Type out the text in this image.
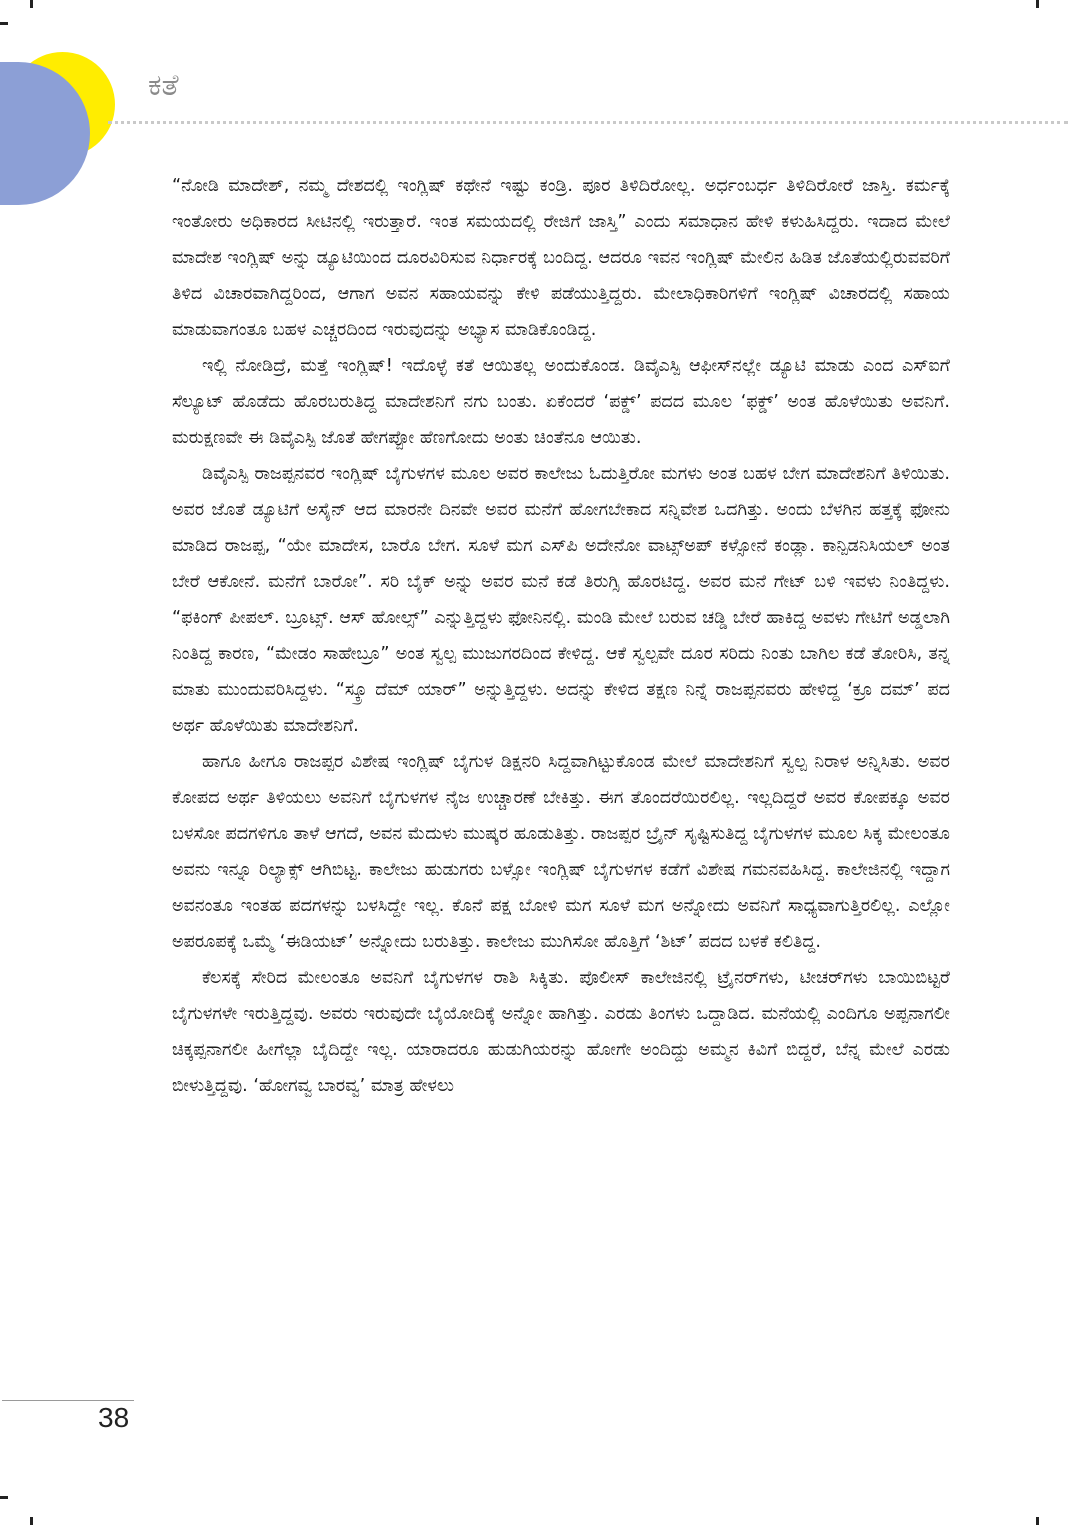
ಕತೆ

“ನೋಡಿ ಮಾದೇಶ್, ನಮ್ಮ ದೇಶದಲ್ಲಿ ಇಂಗ್ಲಿಷ್ ಕಥೇನೆ ಇಷ್ಟು ಕಂಡ್ರಿ. ಪೂರ ತಿಳಿದಿರೋಲ್ಲ. ಅರ್ಧಂಬರ್ಧ ತಿಳಿದಿರೋರೆ ಜಾಸ್ತಿ. ಕರ್ಮಕ್ಕೆ ಇಂತೋರು ಅಧಿಕಾರದ ಸೀಟಿನಲ್ಲಿ ಇರುತ್ತಾರೆ. ಇಂತ ಸಮಯದಲ್ಲಿ ರೇಜಿಗೆ ಜಾಸ್ತಿ” ಎಂದು ಸಮಾಧಾನ ಹೇಳಿ ಕಳುಹಿಸಿದ್ದರು. ಇದಾದ ಮೇಲೆ ಮಾದೇಶ ಇಂಗ್ಲಿಷ್ ಅನ್ನು ಡ್ಯೂಟಿಯಿಂದ ದೂರವಿರಿಸುವ ನಿರ್ಧಾರಕ್ಕೆ ಬಂದಿದ್ದ. ಆದರೂ ಇವನ ಇಂಗ್ಲಿಷ್ ಮೇಲಿನ ಹಿಡಿತ ಜೊತೆಯಲ್ಲಿರುವವರಿಗೆ ತಿಳಿದ ವಿಚಾರವಾಗಿದ್ದರಿಂದ, ಆಗಾಗ ಅವನ ಸಹಾಯವನ್ನು ಕೇಳಿ ಪಡೆಯುತ್ತಿದ್ದರು. ಮೇಲಾಧಿಕಾರಿಗಳಿಗೆ ಇಂಗ್ಲಿಷ್ ವಿಚಾರದಲ್ಲಿ ಸಹಾಯ ಮಾಡುವಾಗಂತೂ ಬಹಳ ಎಚ್ಚರದಿಂದ ಇರುವುದನ್ನು ಅಭ್ಯಾಸ ಮಾಡಿಕೊಂಡಿದ್ದ.

ಇಲ್ಲಿ ನೋಡಿದ್ರೆ, ಮತ್ತೆ ಇಂಗ್ಲಿಷ್! ಇದೊಳ್ಳೆ ಕತೆ ಆಯಿತಲ್ಲ ಅಂದುಕೊಂಡ. ಡಿವೈಎಸ್ಪಿ ಆಫೀಸ್‌ನಲ್ಲೇ ಡ್ಯೂಟಿ ಮಾಡು ಎಂದ ಎಸ್‌ಐಗೆ ಸೆಲ್ಯೂಟ್ ಹೊಡೆದು ಹೊರಬರುತಿದ್ದ ಮಾದೇಶನಿಗೆ ನಗು ಬಂತು. ಏಕೆಂದರೆ ‘ಪಕ್ಡ್’ ಪದದ ಮೂಲ ‘ಫಕ್ಡ್’ ಅಂತ ಹೊಳೆಯಿತು ಅವನಿಗೆ. ಮರುಕ್ಷಣವೇ ಈ ಡಿವೈಎಸ್ಪಿ ಜೊತೆ ಹೇಗಪ್ಪೋ ಹೆಣಗೋದು ಅಂತು ಚಿಂತೆನೂ ಆಯಿತು.

ಡಿವೈಎಸ್ಪಿ ರಾಜಪ್ಪನವರ ಇಂಗ್ಲಿಷ್ ಬೈಗುಳಗಳ ಮೂಲ ಅವರ ಕಾಲೇಜು ಓದುತ್ತಿರೋ ಮಗಳು ಅಂತ ಬಹಳ ಬೇಗ ಮಾದೇಶನಿಗೆ ತಿಳಿಯಿತು. ಅವರ ಜೊತೆ ಡ್ಯೂಟಿಗೆ ಅಸೈನ್ ಆದ ಮಾರನೇ ದಿನವೇ ಅವರ ಮನೆಗೆ ಹೋಗಬೇಕಾದ ಸನ್ನಿವೇಶ ಒದಗಿತ್ತು. ಅಂದು ಬೆಳಗಿನ ಹತ್ತಕ್ಕೆ ಫೋನು ಮಾಡಿದ ರಾಜಪ್ಪ, “ಯೇ ಮಾದೇಸ, ಬಾರೊ ಬೇಗ. ಸೂಳೆ ಮಗ ಎಸ್‌ಪಿ ಅದೇನೋ ವಾಟ್ಸ್‌ಅಪ್ ಕಳ್ಸೋನೆ ಕಂಡ್ಲಾ. ಕಾನ್ಪಿಡನಿಸಿಯಲ್ ಅಂತ ಬೇರೆ ಆಕೋನೆ. ಮನೆಗೆ ಬಾರೋ”. ಸರಿ ಬೈಕ್ ಅನ್ನು ಅವರ ಮನೆ ಕಡೆ ತಿರುಗ್ಸಿ ಹೊರಟಿದ್ದ. ಅವರ ಮನೆ ಗೇಟ್ ಬಳಿ ಇವಳು ನಿಂತಿದ್ದಳು. “ಫಕಿಂಗ್ ಪೀಪಲ್. ಬ್ರೂಟ್ಸ್. ಆಸ್ ಹೋಲ್ಸ್” ಎನ್ನುತ್ತಿದ್ದಳು ಫೋನಿನಲ್ಲಿ. ಮಂಡಿ ಮೇಲೆ ಬರುವ ಚಡ್ಡಿ ಬೇರೆ ಹಾಕಿದ್ದ ಅವಳು ಗೇಟಿಗೆ ಅಡ್ಡಲಾಗಿ ನಿಂತಿದ್ದ ಕಾರಣ, “ಮೇಡಂ ಸಾಹೇಬ್ರೂ” ಅಂತ ಸ್ವಲ್ಪ ಮುಜುಗರದಿಂದ ಕೇಳಿದ್ದ. ಆಕೆ ಸ್ವಲ್ಪವೇ ದೂರ ಸರಿದು ನಿಂತು ಬಾಗಿಲ ಕಡೆ ತೋರಿಸಿ, ತನ್ನ ಮಾತು ಮುಂದುವರಿಸಿದ್ದಳು. “ಸ್ಕ್ರೂ ದೆಮ್ ಯಾರ್” ಅನ್ನುತ್ತಿದ್ದಳು. ಅದನ್ನು ಕೇಳಿದ ತಕ್ಷಣ ನಿನ್ನೆ ರಾಜಪ್ಪನವರು ಹೇಳಿದ್ದ ‘ಕ್ರೂ ದಮ್’ ಪದ ಅರ್ಥ ಹೊಳೆಯಿತು ಮಾದೇಶನಿಗೆ.

ಹಾಗೂ ಹೀಗೂ ರಾಜಪ್ಪರ ವಿಶೇಷ ಇಂಗ್ಲಿಷ್ ಬೈಗುಳ ಡಿಕ್ಷನರಿ ಸಿದ್ದವಾಗಿಟ್ಟುಕೊಂಡ ಮೇಲೆ ಮಾದೇಶನಿಗೆ ಸ್ವಲ್ಪ ನಿರಾಳ ಅನ್ನಿಸಿತು. ಅವರ ಕೋಪದ ಅರ್ಥ ತಿಳಿಯಲು ಅವನಿಗೆ ಬೈಗುಳಗಳ ನೈಜ ಉಚ್ಚಾರಣೆ ಬೇಕಿತ್ತು. ಈಗ ತೊಂದರೆಯಿರಲಿಲ್ಲ. ಇಲ್ಲದಿದ್ದರೆ ಅವರ ಕೋಪಕ್ಕೂ ಅವರ ಬಳಸೋ ಪದಗಳಿಗೂ ತಾಳೆ ಆಗದೆ, ಅವನ ಮೆದುಳು ಮುಷ್ಕರ ಹೂಡುತಿತ್ತು. ರಾಜಪ್ಪರ ಬ್ರೈನ್ ಸೃಷ್ಟಿಸುತಿದ್ದ ಬೈಗುಳಗಳ ಮೂಲ ಸಿಕ್ಕ ಮೇಲಂತೂ ಅವನು ಇನ್ನೂ ರಿಲ್ಯಾಕ್ಸ್ ಆಗಿಬಿಟ್ಟ. ಕಾಲೇಜು ಹುಡುಗರು ಬಳ್ಸೋ ಇಂಗ್ಲಿಷ್ ಬೈಗುಳಗಳ ಕಡೆಗೆ ವಿಶೇಷ ಗಮನವಹಿಸಿದ್ದ. ಕಾಲೇಜಿನಲ್ಲಿ ಇದ್ದಾಗ ಅವನಂತೂ ಇಂತಹ ಪದಗಳನ್ನು ಬಳಸಿದ್ದೇ ಇಲ್ಲ. ಕೊನೆ ಪಕ್ಷ ಬೋಳಿ ಮಗ ಸೂಳೆ ಮಗ ಅನ್ನೋದು ಅವನಿಗೆ ಸಾಧ್ಯವಾಗುತ್ತಿರಲಿಲ್ಲ. ಎಲ್ಲೋ ಅಪರೂಪಕ್ಕೆ ಒಮ್ಮೆ ‘ಈಡಿಯಟ್’ ಅನ್ನೋದು ಬರುತಿತ್ತು. ಕಾಲೇಜು ಮುಗಿಸೋ ಹೊತ್ತಿಗೆ ‘ಶಿಟ್’ ಪದದ ಬಳಕೆ ಕಲಿತಿದ್ದ.

ಕೆಲಸಕ್ಕೆ ಸೇರಿದ ಮೇಲಂತೂ ಅವನಿಗೆ ಬೈಗುಳಗಳ ರಾಶಿ ಸಿಕ್ಕಿತು. ಪೊಲೀಸ್ ಕಾಲೇಜಿನಲ್ಲಿ ಟ್ರೈನರ್‌ಗಳು, ಟೀಚರ್‌ಗಳು ಬಾಯಿಬಿಟ್ಟರೆ ಬೈಗುಳಗಳೇ ಇರುತ್ತಿದ್ದವು. ಅವರು ಇರುವುದೇ ಬೈಯೋದಿಕ್ಕೆ ಅನ್ನೋ ಹಾಗಿತ್ತು. ಎರಡು ತಿಂಗಳು ಒದ್ದಾಡಿದ. ಮನೆಯಲ್ಲಿ ಎಂದಿಗೂ ಅಪ್ಪನಾಗಲೀ ಚಿಕ್ಕಪ್ಪನಾಗಲೀ ಹೀಗೆಲ್ಲಾ ಬೈದಿದ್ದೇ ಇಲ್ಲ. ಯಾರಾದರೂ ಹುಡುಗಿಯರನ್ನು ಹೋಗೇ ಅಂದಿದ್ದು ಅಮ್ಮನ ಕಿವಿಗೆ ಬಿದ್ದರೆ, ಬೆನ್ನ ಮೇಲೆ ಎರಡು ಬೀಳುತ್ತಿದ್ದವು. ‘ಹೋಗವ್ವ ಬಾರವ್ವ’ ಮಾತ್ರ ಹೇಳಲು

38
